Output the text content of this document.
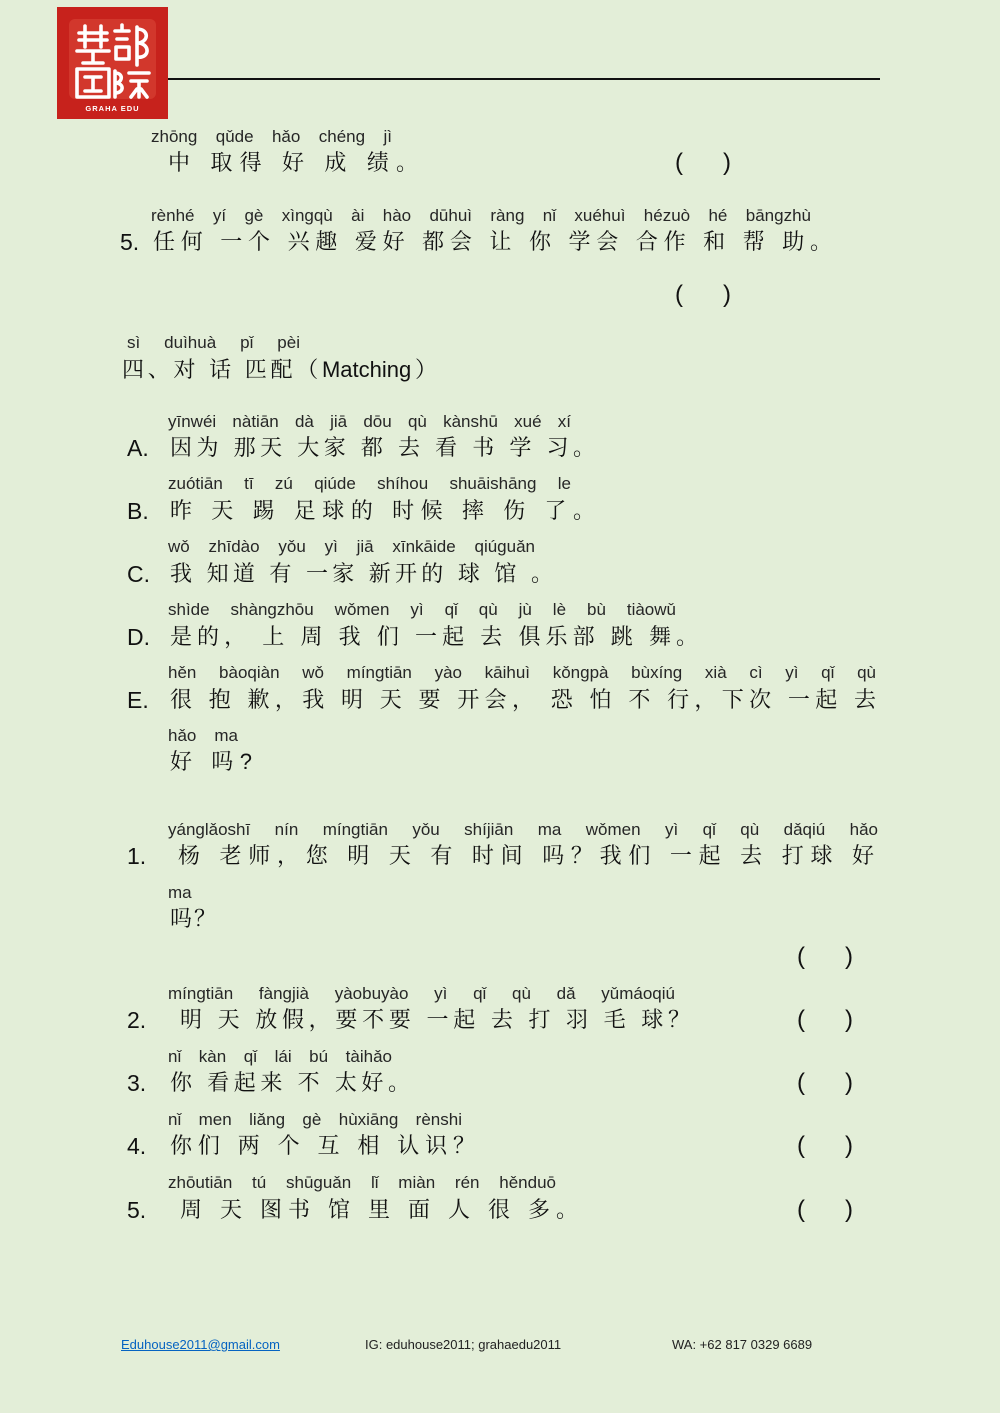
GRAHA EDU
zhōng qǔde hǎo chéng jì
中 取得 好 成 绩。	(      )
rènhé yí gè xìngqù ài hào dūhuì ràng nǐ xuéhuì hézuò hé bāngzhù
5. 任何 一个 兴趣 爱好 都会 让 你 学会 合作 和 帮 助。
(      )
sì duìhuà pǐ pèi
四、对 话 匹配（Matching）
yīnwéi nàtiān dà jiā dōu qù kànshū xué xí
A. 因为 那天 大家 都 去 看 书 学 习。
zuótiān tī zú qiúde shíhou shuāishāng le
B. 昨 天 踢 足球的 时候 摔 伤 了。
wǒ zhīdào yǒu yì jiā xīnkāide qiúguǎn
C. 我 知道 有 一家 新开的 球 馆 。
shìde shàngzhōu wǒmen yì qǐ qù jù lè bù tiàowǔ
D. 是的， 上 周 我 们 一起 去 俱乐部 跳 舞。
hěn bàoqiàn wǒ míngtiān yào kāihuì kǒngpà bùxíng xià cì yì qǐ qù
E. 很 抱 歉，我 明 天 要 开会， 恐 怕 不 行，下次 一起 去
hǎo ma
好 吗?
yánglǎoshī nín míngtiān yǒu shíjiān ma wǒmen yì qǐ qù dǎqiú hǎo
1. 杨 老师，您 明 天 有 时间 吗？我们 一起 去 打球 好
ma
吗？
(      )
míngtiān fàngjià yàobuyào yì qǐ qù dǎ yǔmáoqiú
2. 明 天 放假，要不要 一起 去 打 羽 毛 球？	(      )
nǐ kàn qǐ lái bú tàihǎo
3. 你 看起来 不 太好。	(      )
nǐ men liǎng gè hùxiāng rènshi
4. 你们 两 个 互 相 认识？	(      )
zhōutiān tú shūguǎn lǐ miàn rén hěnduō
5. 周 天 图书 馆 里 面 人 很 多。	(      )
Eduhouse2011@gmail.com	IG: eduhouse2011; grahaedu2011	WA: +62 817 0329 6689
